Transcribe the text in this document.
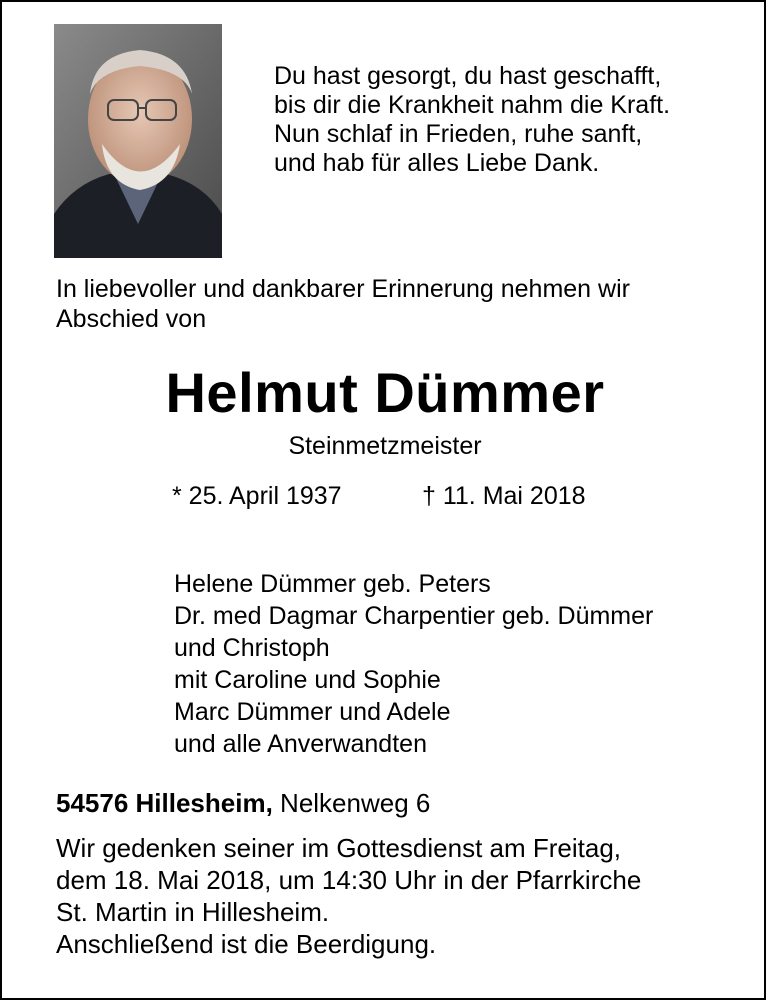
Du hast gesorgt, du hast geschafft,
bis dir die Krankheit nahm die Kraft.
Nun schlaf in Frieden, ruhe sanft,
und hab für alles Liebe Dank.
In liebevoller und dankbarer Erinnerung nehmen wir Abschied von
Helmut Dümmer
Steinmetzmeister
* 25. April 1937	† 11. Mai 2018
Helene Dümmer geb. Peters
Dr. med Dagmar Charpentier geb. Dümmer
und Christoph
mit Caroline und Sophie
Marc Dümmer und Adele
und alle Anverwandten
54576 Hillesheim, Nelkenweg 6
Wir gedenken seiner im Gottesdienst am Freitag,
dem 18. Mai 2018, um 14:30 Uhr in der Pfarrkirche
St. Martin in Hillesheim.
Anschließend ist die Beerdigung.
